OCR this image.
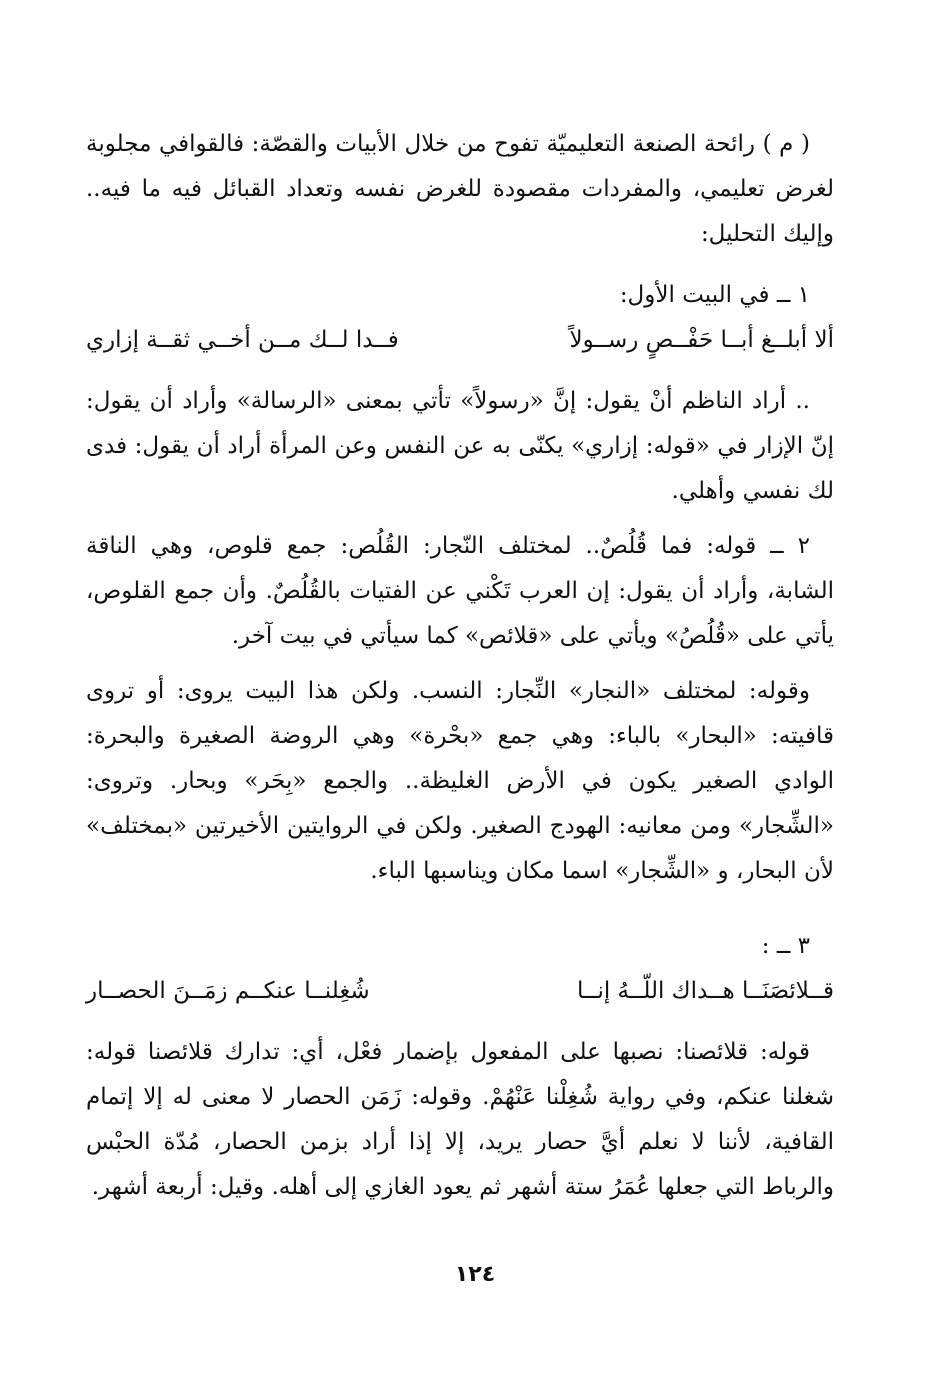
( م ) رائحة الصنعة التعليميّة تفوح من خلال الأبيات والقصّة: فالقوافي مجلوبة لغرض تعليمي، والمفردات مقصودة للغرض نفسه وتعداد القبائل فيه ما فيه.. وإليك التحليل:

١ ــ في البيت الأول:

ألا أبلــغ أبــا حَفْــصٍ رســولاً
فــدا لــك مــن أخــي ثقــة إزاري

.. أراد الناظم أنْ يقول: إنَّ «رسولاً» تأتي بمعنى «الرسالة» وأراد أن يقول: إنّ الإزار في «قوله: إزاري» يكنّى به عن النفس وعن المرأة أراد أن يقول: فدى لك نفسي وأهلي.

٢ ــ قوله: فما قُلُصٌ.. لمختلف النّجار: القُلُص: جمع قلوص، وهي الناقة الشابة، وأراد أن يقول: إن العرب تَكْني عن الفتيات بالقُلُصٌ. وأن جمع القلوص، يأتي على «قُلُصُ» ويأتي على «قلائص» كما سيأتي في بيت آخر.

وقوله: لمختلف «النجار» النِّجار: النسب. ولكن هذا البيت يروى: أو تروى قافيته: «البحار» بالباء: وهي جمع «بحْرة» وهي الروضة الصغيرة والبحرة: الوادي الصغير يكون في الأرض الغليظة.. والجمع «بِحَر» وبحار. وتروى: «الشِّجار» ومن معانيه: الهودج الصغير. ولكن في الروايتين الأخيرتين «بمختلف» لأن البحار، و «الشِّجار» اسما مكان ويناسبها الباء.

٣ ــ :

قــلائصَنَــا هــداك اللّــهُ إنــا
شُغِلنــا عنكــم زمَــنَ الحصــار

قوله: قلائصنا: نصبها على المفعول بإضمار فعْل، أي: تدارك قلائصنا قوله: شغلنا عنكم، وفي رواية شُغِلْنا عَنْهُمْ. وقوله: زَمَن الحصار لا معنى له إلا إتمام القافية، لأننا لا نعلم أيَّ حصار يريد، إلا إذا أراد بزمن الحصار، مُدّة الحبْس والرباط التي جعلها عُمَرُ ستة أشهر ثم يعود الغازي إلى أهله. وقيل: أربعة أشهر.

١٢٤
